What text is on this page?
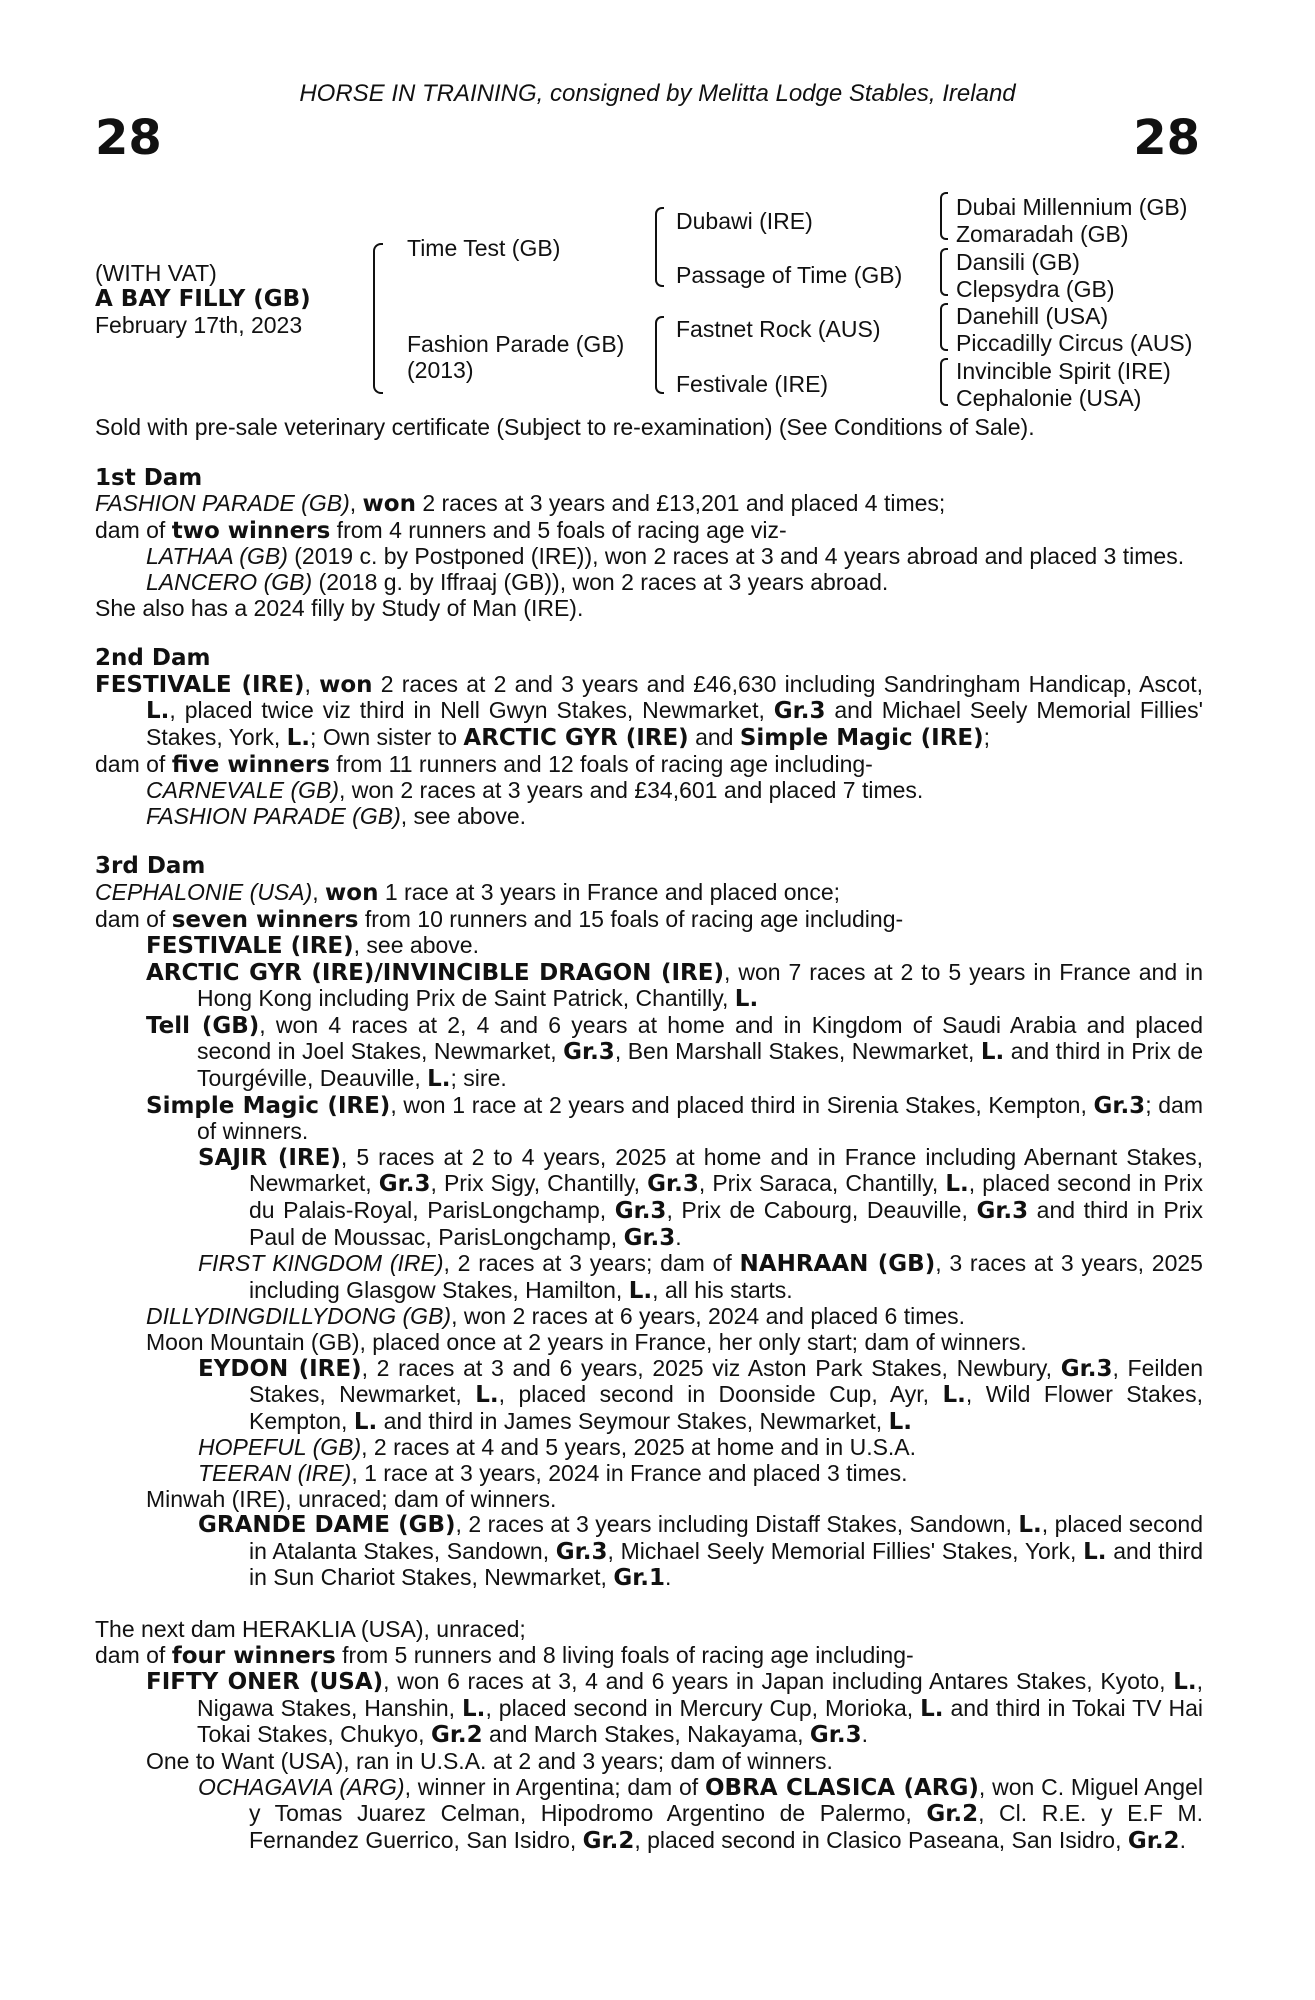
HORSE IN TRAINING, consigned by Melitta Lodge Stables, Ireland
28	28
(WITH VAT)
A BAY FILLY (GB)
February 17th, 2023
Time Test (GB)
Fashion Parade (GB)
(2013)
Dubawi (IRE)
Passage of Time (GB)
Fastnet Rock (AUS)
Festivale (IRE)
Dubai Millennium (GB)
Zomaradah (GB)
Dansili (GB)
Clepsydra (GB)
Danehill (USA)
Piccadilly Circus (AUS)
Invincible Spirit (IRE)
Cephalonie (USA)

Sold with pre-sale veterinary certificate (Subject to re-examination) (See Conditions of Sale).

1st Dam

FASHION PARADE (GB), won 2 races at 3 years and £13,201 and placed 4 times;

dam of two winners from 4 runners and 5 foals of racing age viz-

LATHAA (GB) (2019 c. by Postponed (IRE)), won 2 races at 3 and 4 years abroad and placed 3 times.

LANCERO (GB) (2018 g. by Iffraaj (GB)), won 2 races at 3 years abroad.

She also has a 2024 filly by Study of Man (IRE).

2nd Dam

FESTIVALE (IRE), won 2 races at 2 and 3 years and £46,630 including Sandringham Handicap, Ascot, L., placed twice viz third in Nell Gwyn Stakes, Newmarket, Gr.3 and Michael Seely Memorial Fillies' Stakes, York, L.; Own sister to ARCTIC GYR (IRE) and Simple Magic (IRE);

dam of five winners from 11 runners and 12 foals of racing age including-

CARNEVALE (GB), won 2 races at 3 years and £34,601 and placed 7 times.

FASHION PARADE (GB), see above.

3rd Dam

CEPHALONIE (USA), won 1 race at 3 years in France and placed once;

dam of seven winners from 10 runners and 15 foals of racing age including-

FESTIVALE (IRE), see above.

ARCTIC GYR (IRE)/INVINCIBLE DRAGON (IRE), won 7 races at 2 to 5 years in France and in Hong Kong including Prix de Saint Patrick, Chantilly, L.

Tell (GB), won 4 races at 2, 4 and 6 years at home and in Kingdom of Saudi Arabia and placed second in Joel Stakes, Newmarket, Gr.3, Ben Marshall Stakes, Newmarket, L. and third in Prix de Tourgéville, Deauville, L.; sire.

Simple Magic (IRE), won 1 race at 2 years and placed third in Sirenia Stakes, Kempton, Gr.3; dam of winners.

SAJIR (IRE), 5 races at 2 to 4 years, 2025 at home and in France including Abernant Stakes, Newmarket, Gr.3, Prix Sigy, Chantilly, Gr.3, Prix Saraca, Chantilly, L., placed second in Prix du Palais-Royal, ParisLongchamp, Gr.3, Prix de Cabourg, Deauville, Gr.3 and third in Prix Paul de Moussac, ParisLongchamp, Gr.3.

FIRST KINGDOM (IRE), 2 races at 3 years; dam of NAHRAAN (GB), 3 races at 3 years, 2025 including Glasgow Stakes, Hamilton, L., all his starts.

DILLYDINGDILLYDONG (GB), won 2 races at 6 years, 2024 and placed 6 times.

Moon Mountain (GB), placed once at 2 years in France, her only start; dam of winners.

EYDON (IRE), 2 races at 3 and 6 years, 2025 viz Aston Park Stakes, Newbury, Gr.3, Feilden Stakes, Newmarket, L., placed second in Doonside Cup, Ayr, L., Wild Flower Stakes, Kempton, L. and third in James Seymour Stakes, Newmarket, L.

HOPEFUL (GB), 2 races at 4 and 5 years, 2025 at home and in U.S.A.

TEERAN (IRE), 1 race at 3 years, 2024 in France and placed 3 times.

Minwah (IRE), unraced; dam of winners.

GRANDE DAME (GB), 2 races at 3 years including Distaff Stakes, Sandown, L., placed second in Atalanta Stakes, Sandown, Gr.3, Michael Seely Memorial Fillies' Stakes, York, L. and third in Sun Chariot Stakes, Newmarket, Gr.1.

The next dam HERAKLIA (USA), unraced;

dam of four winners from 5 runners and 8 living foals of racing age including-

FIFTY ONER (USA), won 6 races at 3, 4 and 6 years in Japan including Antares Stakes, Kyoto, L., Nigawa Stakes, Hanshin, L., placed second in Mercury Cup, Morioka, L. and third in Tokai TV Hai Tokai Stakes, Chukyo, Gr.2 and March Stakes, Nakayama, Gr.3.

One to Want (USA), ran in U.S.A. at 2 and 3 years; dam of winners.

OCHAGAVIA (ARG), winner in Argentina; dam of OBRA CLASICA (ARG), won C. Miguel Angel y Tomas Juarez Celman, Hipodromo Argentino de Palermo, Gr.2, Cl. R.E. y E.F M. Fernandez Guerrico, San Isidro, Gr.2, placed second in Clasico Paseana, San Isidro, Gr.2.
